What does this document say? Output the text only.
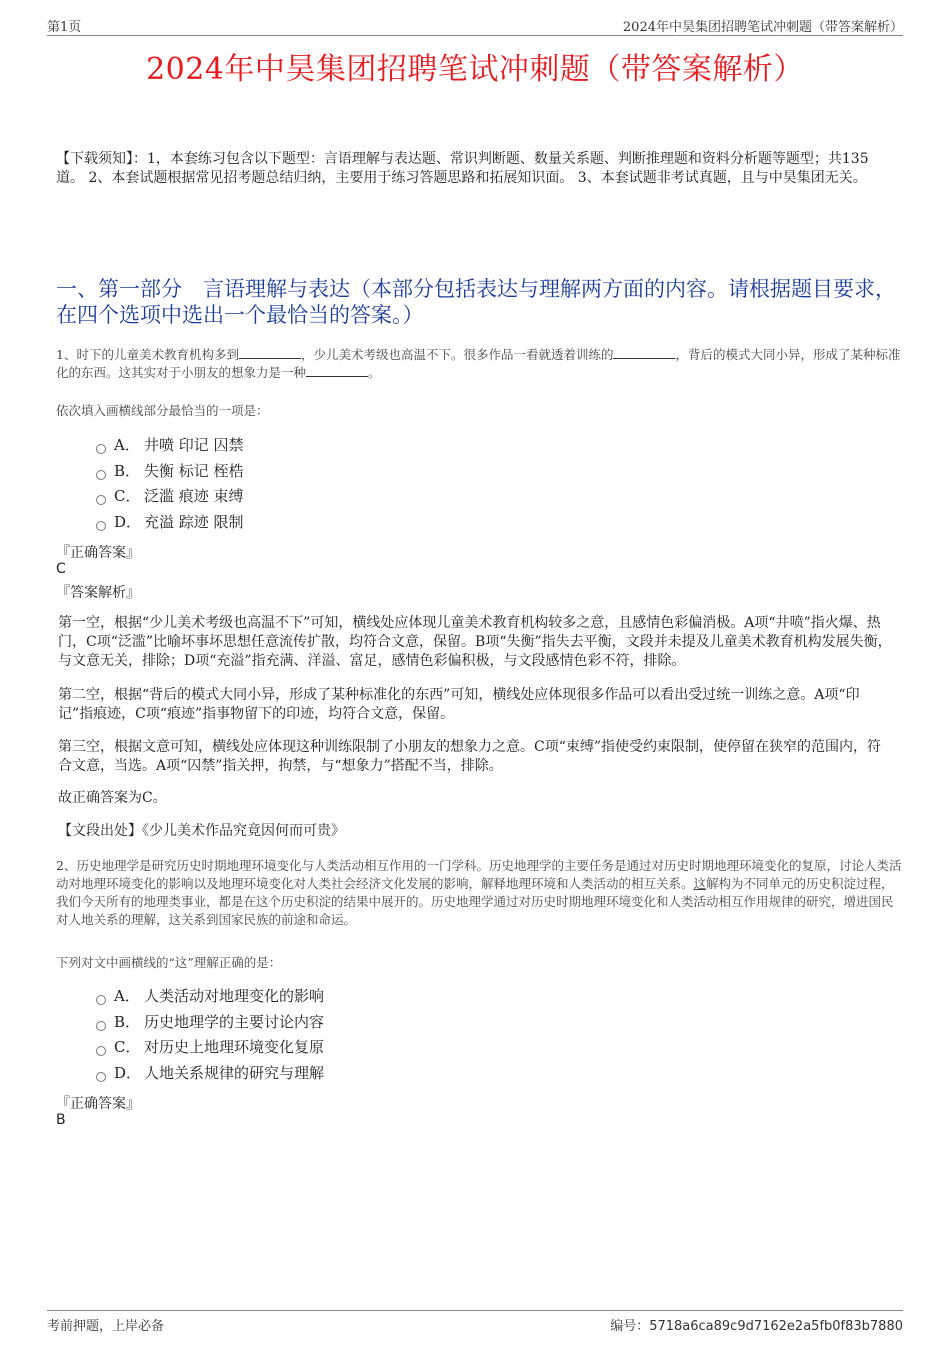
第1页	2024年中昊集团招聘笔试冲刺题（带答案解析）
2024年中昊集团招聘笔试冲刺题（带答案解析）
【下载须知】：1，本套练习包含以下题型：言语理解与表达题、常识判断题、数量关系题、判断推理题和资料分析题等题型；共135道。 2、本套试题根据常见招考题总结归纳，主要用于练习答题思路和拓展知识面。 3、本套试题非考试真题，且与中昊集团无关。
一、第一部分　言语理解与表达（本部分包括表达与理解两方面的内容。请根据题目要求，在四个选项中选出一个最恰当的答案。）
1、时下的儿童美术教育机构多到	，少儿美术考级也高温不下。很多作品一看就透着训练的	，背后的模式大同小异，形成了某种标准化的东西。这其实对于小朋友的想象力是一种	。
依次填入画横线部分最恰当的一项是：
A． 井喷 印记 囚禁
B． 失衡 标记 桎梏
C． 泛滥 痕迹 束缚
D． 充溢 踪迹 限制
『正确答案』
C
『答案解析』
第一空，根据“少儿美术考级也高温不下”可知，横线处应体现儿童美术教育机构较多之意，且感情色彩偏消极。A项“井喷”指火爆、热门，C项“泛滥”比喻坏事坏思想任意流传扩散，均符合文意，保留。B项“失衡”指失去平衡，文段并未提及儿童美术教育机构发展失衡，与文意无关，排除；D项“充溢”指充满、洋溢、富足，感情色彩偏积极，与文段感情色彩不符，排除。
第二空，根据“背后的模式大同小异，形成了某种标准化的东西”可知，横线处应体现很多作品可以看出受过统一训练之意。A项“印记”指痕迹，C项“痕迹”指事物留下的印迹，均符合文意，保留。
第三空，根据文意可知，横线处应体现这种训练限制了小朋友的想象力之意。C项“束缚”指使受约束限制，使停留在狭窄的范围内，符合文意，当选。A项“囚禁”指关押，拘禁，与“想象力”搭配不当，排除。
故正确答案为C。
【文段出处】《少儿美术作品究竟因何而可贵》
2、历史地理学是研究历史时期地理环境变化与人类活动相互作用的一门学科。历史地理学的主要任务是通过对历史时期地理环境变化的复原，讨论人类活动对地理环境变化的影响以及地理环境变化对人类社会经济文化发展的影响，解释地理环境和人类活动的相互关系。这解构为不同单元的历史积淀过程，我们今天所有的地理类事业，都是在这个历史积淀的结果中展开的。历史地理学通过对历史时期地理环境变化和人类活动相互作用规律的研究，增进国民对人地关系的理解，这关系到国家民族的前途和命运。
下列对文中画横线的“这”理解正确的是：
A． 人类活动对地理变化的影响
B． 历史地理学的主要讨论内容
C． 对历史上地理环境变化复原
D． 人地关系规律的研究与理解
『正确答案』
B
考前押题，上岸必备	编号：5718a6ca89c9d7162e2a5fb0f83b7880
